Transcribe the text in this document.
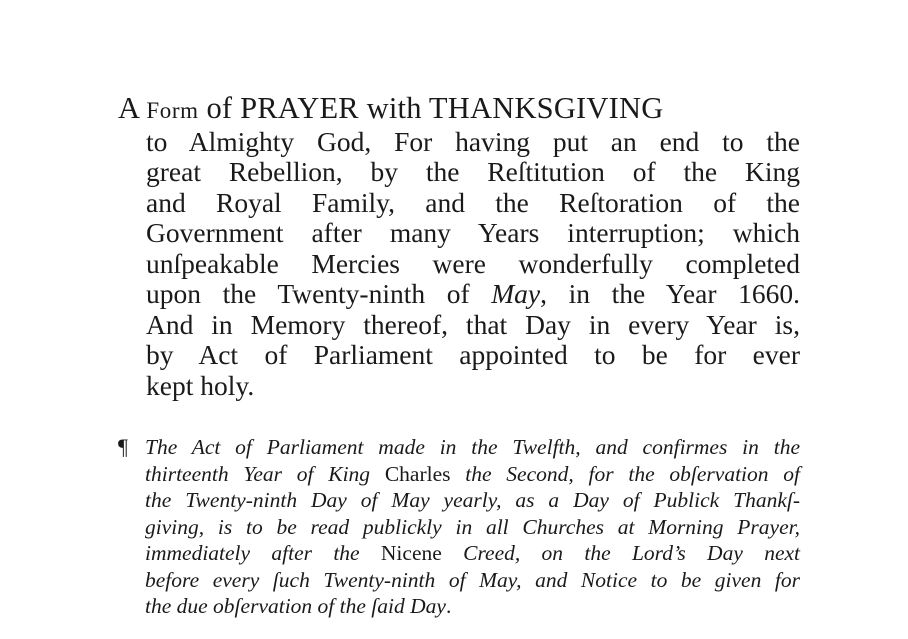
A Form of PRAYER with THANKSGIVING
to Almighty God, For having put an end to the
great Rebellion, by the Reſtitution of the King
and Royal Family, and the Reſtoration of the
Government after many Years interruption; which
unſpeakable Mercies were wonderfully completed
upon the Twenty-ninth of May, in the Year 1660.
And in Memory thereof, that Day in every Year is,
by Act of Parliament appointed to be for ever
kept holy.
¶ The Act of Parliament made in the Twelfth, and confirmes in the
thirteenth Year of King Charles the Second, for the obſervation of
the Twenty-ninth Day of May yearly, as a Day of Publick Thankſ-
giving, is to be read publickly in all Churches at Morning Prayer,
immediately after the Nicene Creed, on the Lord’s Day next
before every ſuch Twenty-ninth of May, and Notice to be given for
the due obſervation of the ſaid Day.
